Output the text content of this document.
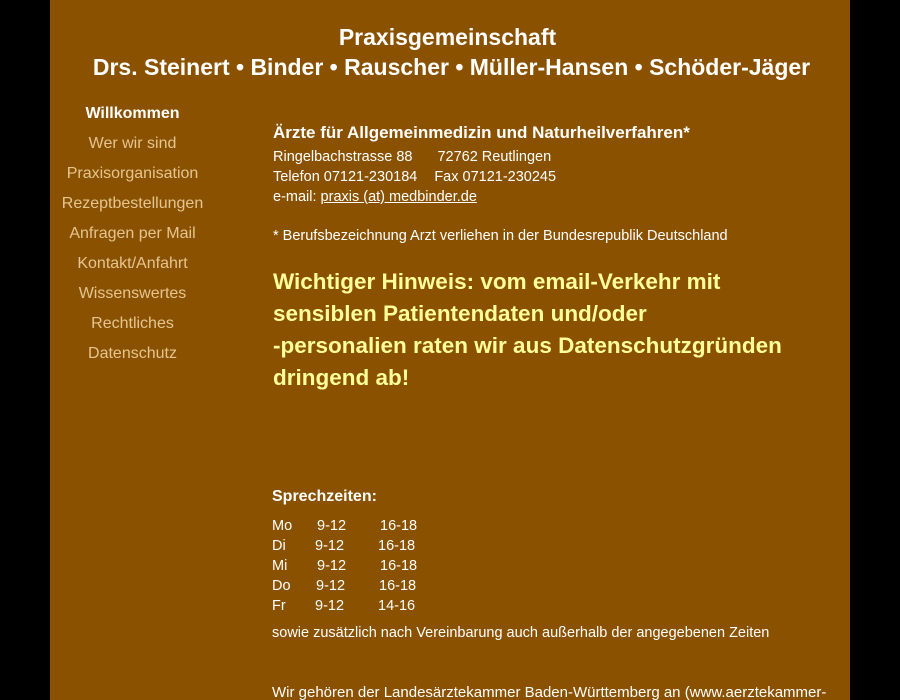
Praxisgemeinschaft
Drs. Steinert • Binder • Rauscher • Müller-Hansen • Schöder-Jäger
Willkommen
Wer wir sind
Praxisorganisation
Rezeptbestellungen
Anfragen per Mail
Kontakt/Anfahrt
Wissenswertes
Rechtliches
Datenschutz
Ärzte für Allgemeinmedizin und Naturheilverfahren*
Ringelbachstrasse 88 72762 Reutlingen
Telefon 07121-230184 Fax 07121-230245
e-mail: praxis (at) medbinder.de
* Berufsbezeichnung Arzt verliehen in der Bundesrepublik Deutschland
Wichtiger Hinweis: vom email-Verkehr mit
sensiblen Patientendaten und/oder
-personalien raten wir aus Datenschutzgründen
dringend ab!
Sprechzeiten:
Mo 9-12 16-18
Di 9-12 16-18
Mi 9-12 16-18
Do 9-12 16-18
Fr 9-12 14-16
sowie zusätzlich nach Vereinbarung auch außerhalb der angegebenen Zeiten
Wir gehören der Landesärztekammer Baden-Württemberg an (www.aerztekammer-
